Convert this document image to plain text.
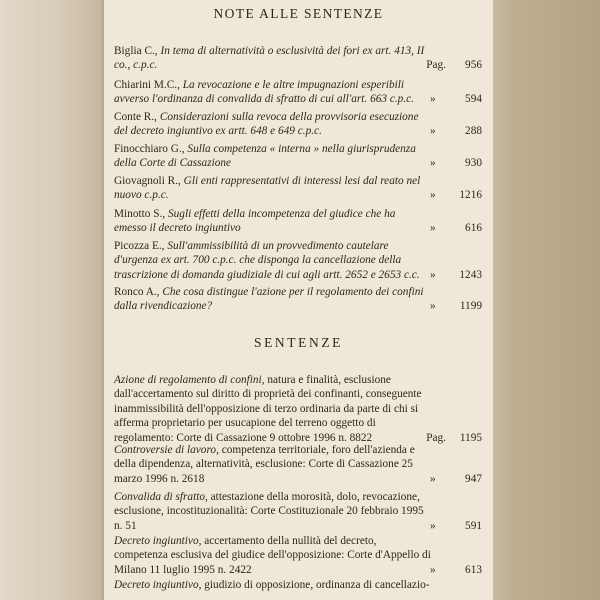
NOTE ALLE SENTENZE
Biglia C., In tema di alternatività o esclusività dei fori ex art. 413, II co., c.p.c.	Pag.	956
Chiarini M.C., La revocazione e le altre impugnazioni esperibili avverso l'ordinanza di convalida di sfratto di cui all'art. 663 c.p.c.	»	594
Conte R., Considerazioni sulla revoca della provvisoria esecuzione del decreto ingiuntivo ex artt. 648 e 649 c.p.c.	»	288
Finocchiaro G., Sulla competenza « interna » nella giurisprudenza della Corte di Cassazione	»	930
Giovagnoli R., Gli enti rappresentativi di interessi lesi dal reato nel nuovo c.p.c.	»	1216
Minotto S., Sugli effetti della incompetenza del giudice che ha emesso il decreto ingiuntivo	»	616
Picozza E., Sull'ammissibilità di un provvedimento cautelare d'urgenza ex art. 700 c.p.c. che disponga la cancellazione della trascrizione di domanda giudiziale di cui agli artt. 2652 e 2653 c.c. »	1243
Ronco A., Che cosa distingue l'azione per il regolamento dei confini dalla rivendicazione?	»	1199
SENTENZE
Azione di regolamento di confini, natura e finalità, esclusione dall'accertamento sul diritto di proprietà dei confinanti, conseguente inammissibilità dell'opposizione di terzo ordinaria da parte di chi si afferma proprietario per usucapione del terreno oggetto di regolamento: Corte di Cassazione 9 ottobre 1996 n. 8822	Pag.	1195
Controversie di lavoro, competenza territoriale, foro dell'azienda e della dipendenza, alternatività, esclusione: Corte di Cassazione 25 marzo 1996 n. 2618	»	947
Convalida di sfratto, attestazione della morosità, dolo, revocazione, esclusione, incostituzionalità: Corte Costituzionale 20 febbraio 1995 n. 51	»	591
Decreto ingiuntivo, accertamento della nullità del decreto, competenza esclusiva del giudice dell'opposizione: Corte d'Appello di Milano 11 luglio 1995 n. 2422	»	613
Decreto ingiuntivo, giudizio di opposizione, ordinanza di cancellazio-
